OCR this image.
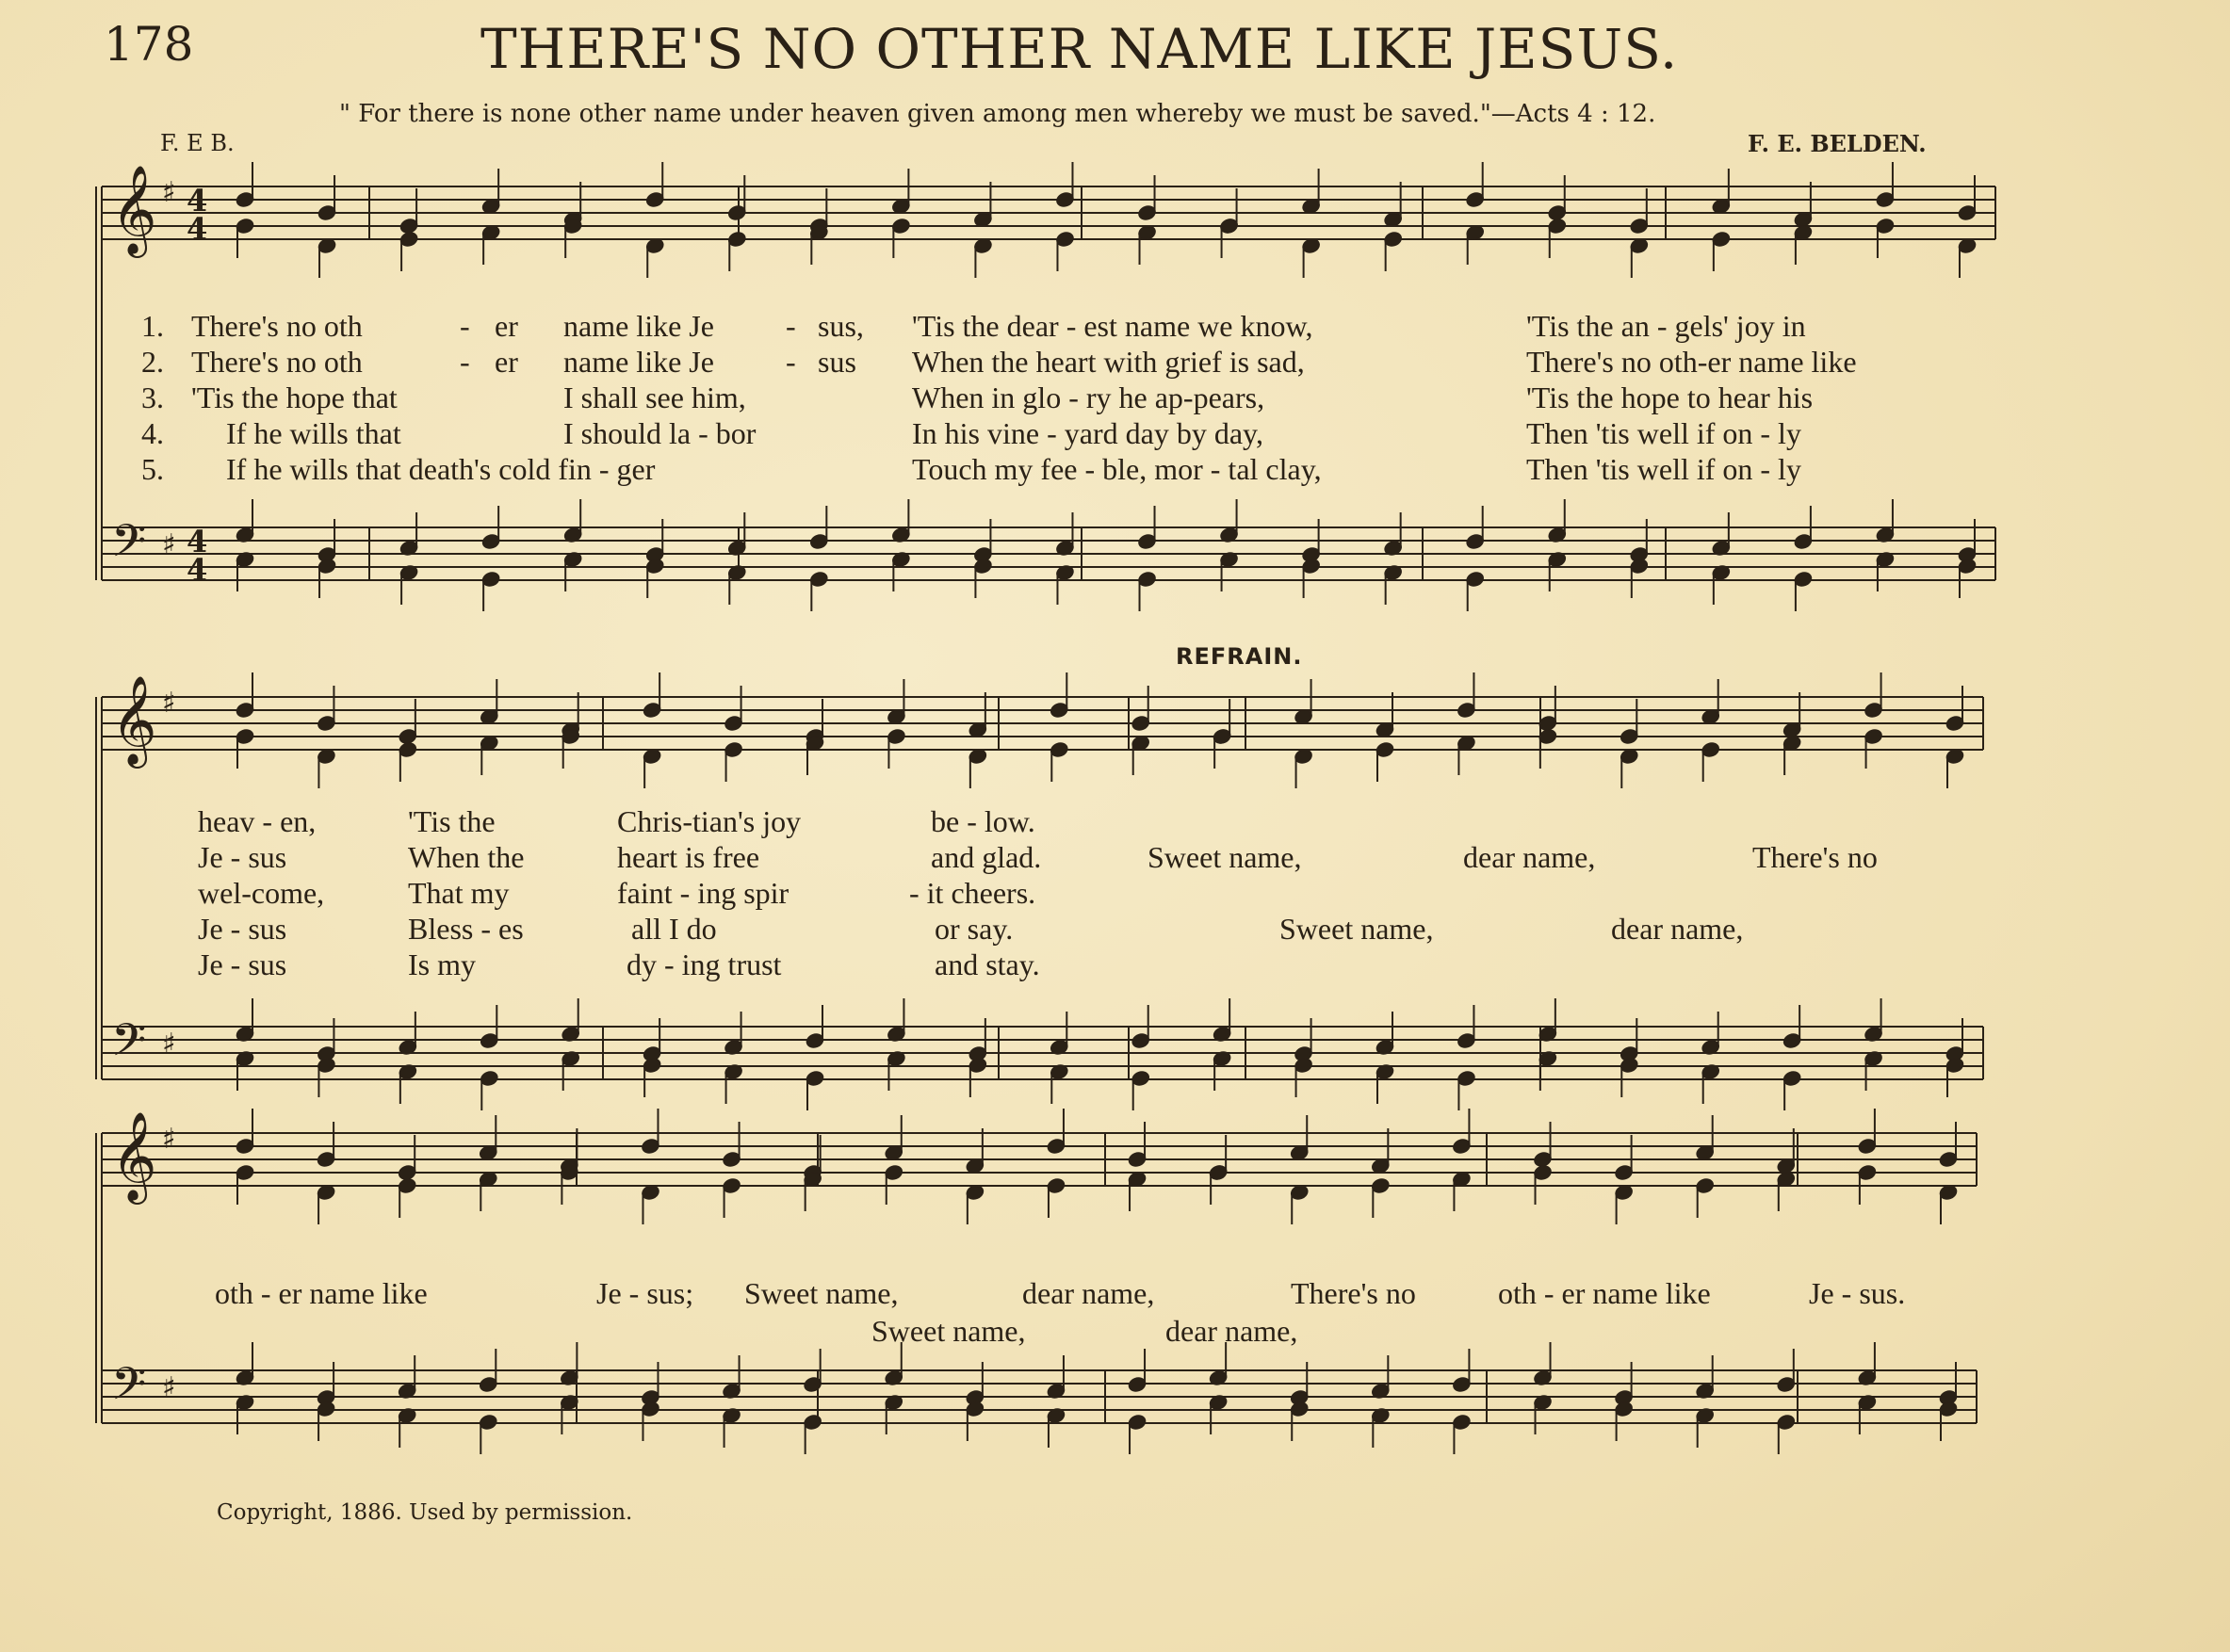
178	THERE'S NO OTHER NAME LIKE JESUS.
" For there is none other name under heaven given among men whereby we must be saved."—Acts 4 : 12.
F. E B.	F. E. BELDEN.
REFRAIN.
𝄞 ♯ 4
4
𝄢 ♯ 4
4
𝄞 ♯
𝄢 ♯
𝄞 ♯
𝄢 ♯
1. There's no oth	- er name like Je - sus, 'Tis the dear - est name we know,	'Tis the an - gels' joy in
2. There's no oth	- er name like Je - sus When the heart with grief is sad,	There's no oth-er name like
3. 'Tis the hope that	I shall see him,	When in glo - ry he ap-pears,	'Tis the hope to hear his
4. If he wills that	I should la - bor	In his vine - yard day by day,	Then 'tis well if on - ly
5. If he wills that death's cold fin - ger	Touch my fee - ble, mor - tal clay,	Then 'tis well if on - ly
heav - en,	'Tis the	Chris-tian's joy	be - low.
Je - sus	When the	heart is free	and glad.	Sweet name,	dear name,	There's no
wel-come,	That my	faint - ing spir	- it cheers.
Je - sus	Bless - es	all I do	or say.	Sweet name,	dear name,
Je - sus	Is my	dy - ing trust	and stay.
oth - er name like	Je - sus; Sweet name,	dear name,	There's no	oth - er name like	Je - sus.
Sweet name,	dear name,
Copyright, 1886. Used by permission.
